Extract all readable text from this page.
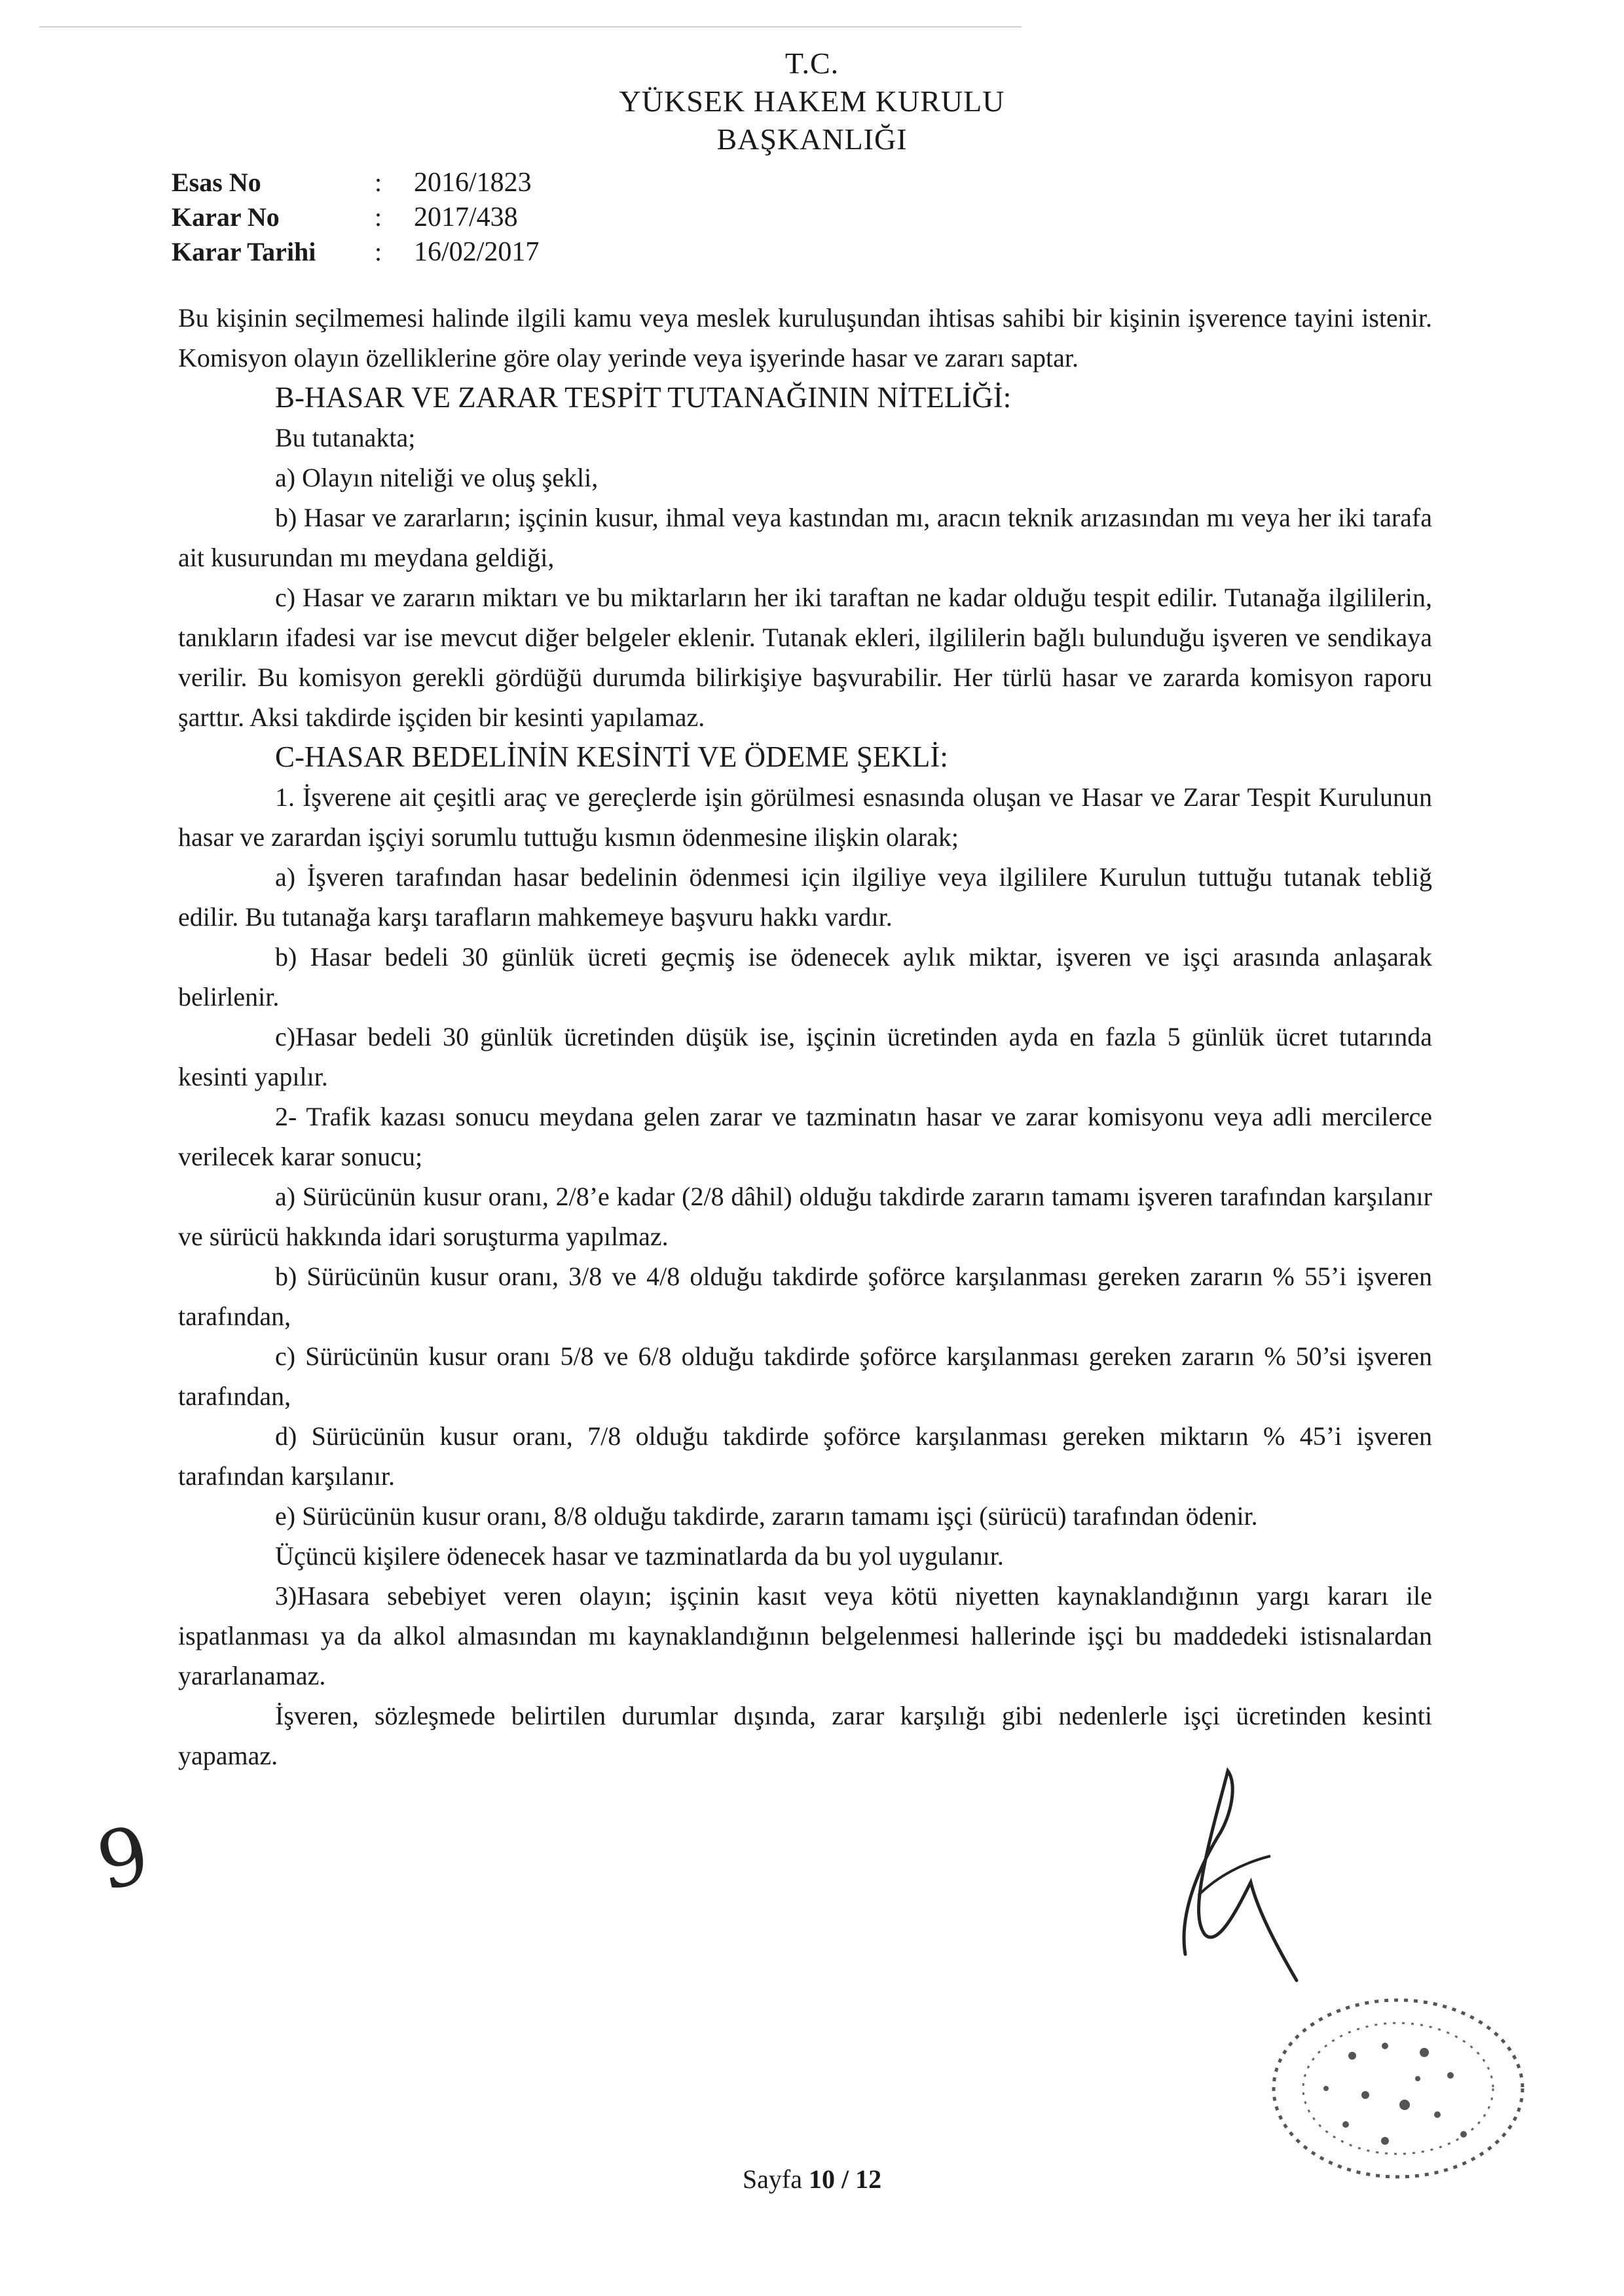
T.C.
YÜKSEK HAKEM KURULU
BAŞKANLIĞI
Esas No	: 2016/1823
Karar No	: 2017/438
Karar Tarihi : 16/02/2017

Bu kişinin seçilmemesi halinde ilgili kamu veya meslek kuruluşundan ihtisas sahibi bir kişinin işverence tayini istenir. Komisyon olayın özelliklerine göre olay yerinde veya işyerinde hasar ve zararı saptar.

B-HASAR VE ZARAR TESPİT TUTANAĞININ NİTELİĞİ:

Bu tutanakta;

a) Olayın niteliği ve oluş şekli,

b) Hasar ve zararların; işçinin kusur, ihmal veya kastından mı, aracın teknik arızasından mı veya her iki tarafa ait kusurundan mı meydana geldiği,

c) Hasar ve zararın miktarı ve bu miktarların her iki taraftan ne kadar olduğu tespit edilir. Tutanağa ilgililerin, tanıkların ifadesi var ise mevcut diğer belgeler eklenir. Tutanak ekleri, ilgililerin bağlı bulunduğu işveren ve sendikaya verilir. Bu komisyon gerekli gördüğü durumda bilirkişiye başvurabilir. Her türlü hasar ve zararda komisyon raporu şarttır. Aksi takdirde işçiden bir kesinti yapılamaz.

C-HASAR BEDELİNİN KESİNTİ VE ÖDEME ŞEKLİ:

1. İşverene ait çeşitli araç ve gereçlerde işin görülmesi esnasında oluşan ve Hasar ve Zarar Tespit Kurulunun hasar ve zarardan işçiyi sorumlu tuttuğu kısmın ödenmesine ilişkin olarak;

a) İşveren tarafından hasar bedelinin ödenmesi için ilgiliye veya ilgililere Kurulun tuttuğu tutanak tebliğ edilir. Bu tutanağa karşı tarafların mahkemeye başvuru hakkı vardır.

b) Hasar bedeli 30 günlük ücreti geçmiş ise ödenecek aylık miktar, işveren ve işçi arasında anlaşarak belirlenir.

c)Hasar bedeli 30 günlük ücretinden düşük ise, işçinin ücretinden ayda en fazla 5 günlük ücret tutarında kesinti yapılır.

2- Trafik kazası sonucu meydana gelen zarar ve tazminatın hasar ve zarar komisyonu veya adli mercilerce verilecek karar sonucu;

a) Sürücünün kusur oranı, 2/8’e kadar (2/8 dâhil) olduğu takdirde zararın tamamı işveren tarafından karşılanır ve sürücü hakkında idari soruşturma yapılmaz.

b) Sürücünün kusur oranı, 3/8 ve 4/8 olduğu takdirde şoförce karşılanması gereken zararın % 55’i işveren tarafından,

c) Sürücünün kusur oranı 5/8 ve 6/8 olduğu takdirde şoförce karşılanması gereken zararın % 50’si işveren tarafından,

d) Sürücünün kusur oranı, 7/8 olduğu takdirde şoförce karşılanması gereken miktarın % 45’i işveren tarafından karşılanır.

e) Sürücünün kusur oranı, 8/8 olduğu takdirde, zararın tamamı işçi (sürücü) tarafından ödenir.

Üçüncü kişilere ödenecek hasar ve tazminatlarda da bu yol uygulanır.

3)Hasara sebebiyet veren olayın; işçinin kasıt veya kötü niyetten kaynaklandığının yargı kararı ile ispatlanması ya da alkol almasından mı kaynaklandığının belgelenmesi hallerinde işçi bu maddedeki istisnalardan yararlanamaz.

İşveren, sözleşmede belirtilen durumlar dışında, zarar karşılığı gibi nedenlerle işçi ücretinden kesinti yapamaz.

9
Sayfa 10 / 12
